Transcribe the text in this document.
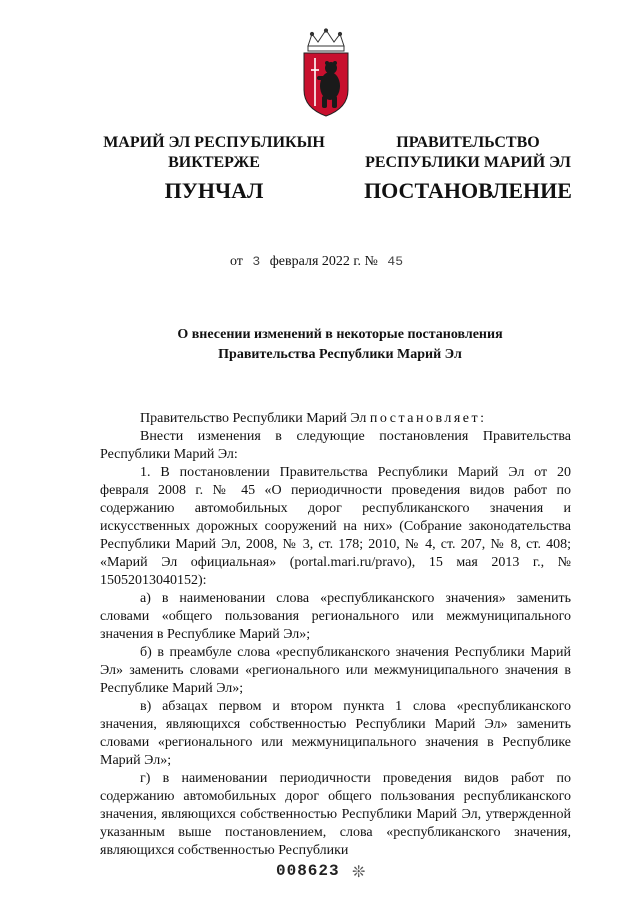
МАРИЙ ЭЛ РЕСПУБЛИКЫН
ВИКТЕРЖЕ
ПУНЧАЛ
ПРАВИТЕЛЬСТВО
РЕСПУБЛИКИ МАРИЙ ЭЛ
ПОСТАНОВЛЕНИЕ
от 3 февраля 2022 г. № 45
О внесении изменений в некоторые постановления
Правительства Республики Марий Эл

Правительство Республики Марий Эл постановляет:

Внести изменения в следующие постановления Правительства Республики Марий Эл:

1. В постановлении Правительства Республики Марий Эл от 20 февраля 2008 г. № 45 «О периодичности проведения видов работ по содержанию автомобильных дорог республиканского значения и искусственных дорожных сооружений на них» (Собрание законодательства Республики Марий Эл, 2008, № 3, ст. 178; 2010, № 4, ст. 207, № 8, ст. 408; «Марий Эл официальная» (portal.mari.ru/pravo), 15 мая 2013 г., № 15052013040152):

а) в наименовании слова «республиканского значения» заменить словами «общего пользования регионального или межмуниципального значения в Республике Марий Эл»;

б) в преамбуле слова «республиканского значения Республики Марий Эл» заменить словами «регионального или межмуниципального значения в Республике Марий Эл»;

в) абзацах первом и втором пункта 1 слова «республиканского значения, являющихся собственностью Республики Марий Эл» заменить словами «регионального или межмуниципального значения в Республике Марий Эл»;

г) в наименовании периодичности проведения видов работ по содержанию автомобильных дорог общего пользования республиканского значения, являющихся собственностью Республики Марий Эл, утвержденной указанным выше постановлением, слова «республиканского значения, являющихся собственностью Республики

008623 ❊
